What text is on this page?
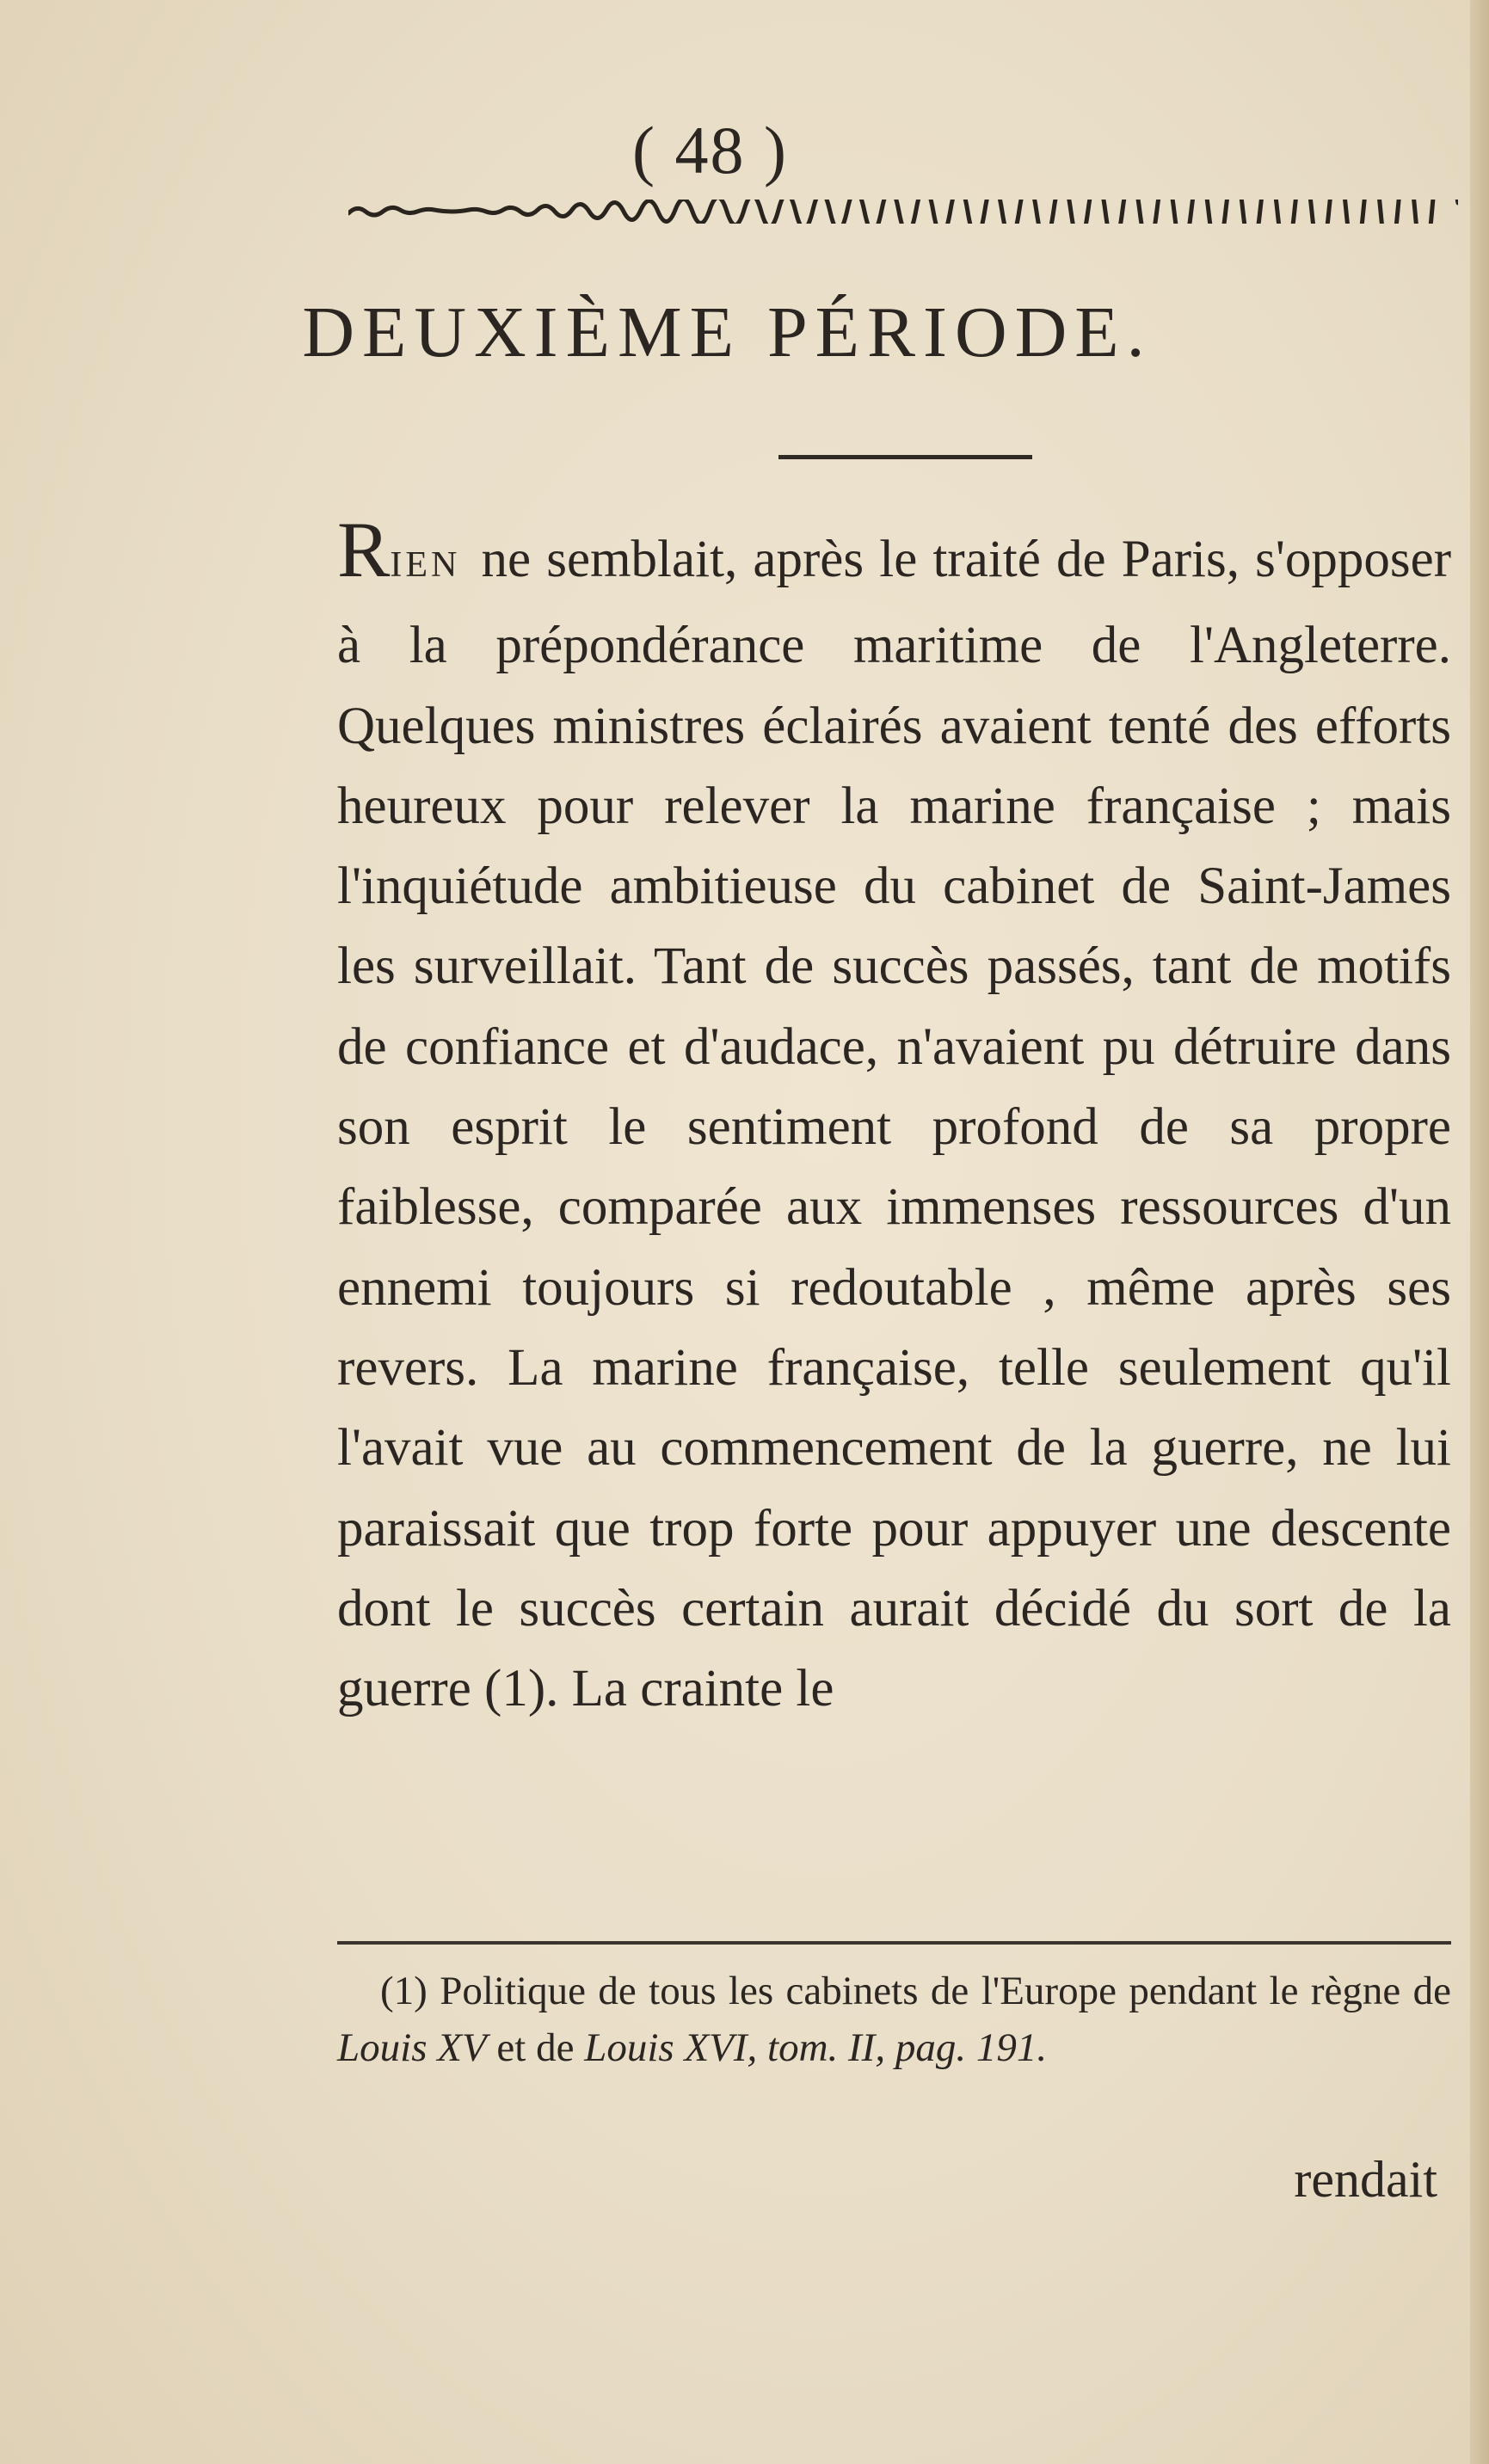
( 48 )
DEUXIÈME PÉRIODE.

RIEN ne semblait, après le traité de Paris, s'opposer à la prépondérance maritime de l'Angleterre. Quelques ministres éclairés avaient tenté des efforts heureux pour relever la marine française ; mais l'inquiétude ambitieuse du cabinet de Saint-James les surveillait. Tant de succès passés, tant de motifs de confiance et d'audace, n'avaient pu détruire dans son esprit le sentiment profond de sa propre faiblesse, comparée aux immenses ressources d'un ennemi toujours si redoutable , même après ses revers. La marine française, telle seulement qu'il l'avait vue au commencement de la guerre, ne lui paraissait que trop forte pour appuyer une descente dont le succès certain aurait décidé du sort de la guerre (1). La crainte le

(1) Politique de tous les cabinets de l'Europe pendant le règne de Louis XV et de Louis XVI, tom. II, pag. 191.

rendait
